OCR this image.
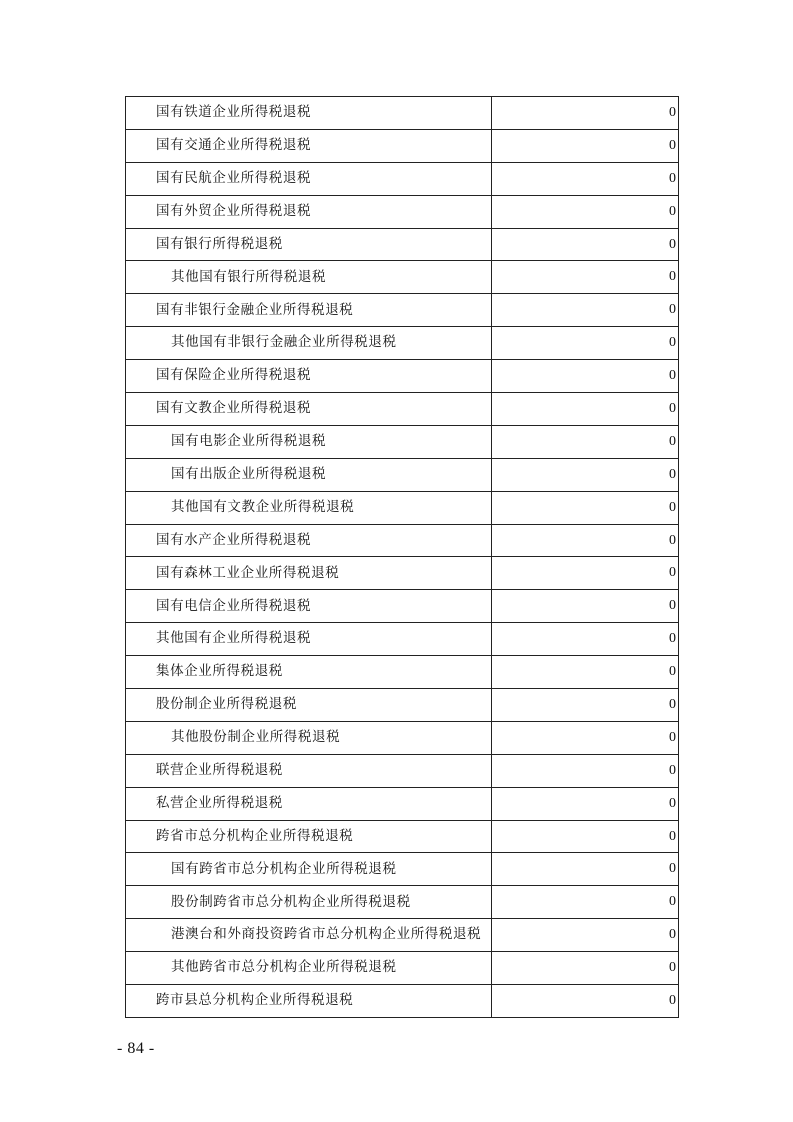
国有铁道企业所得税退税	0
国有交通企业所得税退税	0
国有民航企业所得税退税	0
国有外贸企业所得税退税	0
国有银行所得税退税	0
其他国有银行所得税退税	0
国有非银行金融企业所得税退税	0
其他国有非银行金融企业所得税退税	0
国有保险企业所得税退税	0
国有文教企业所得税退税	0
国有电影企业所得税退税	0
国有出版企业所得税退税	0
其他国有文教企业所得税退税	0
国有水产企业所得税退税	0
国有森林工业企业所得税退税	0
国有电信企业所得税退税	0
其他国有企业所得税退税	0
集体企业所得税退税	0
股份制企业所得税退税	0
其他股份制企业所得税退税	0
联营企业所得税退税	0
私营企业所得税退税	0
跨省市总分机构企业所得税退税	0
国有跨省市总分机构企业所得税退税	0
股份制跨省市总分机构企业所得税退税	0
港澳台和外商投资跨省市总分机构企业所得税退税	0
其他跨省市总分机构企业所得税退税	0
跨市县总分机构企业所得税退税	0
- 84 -
